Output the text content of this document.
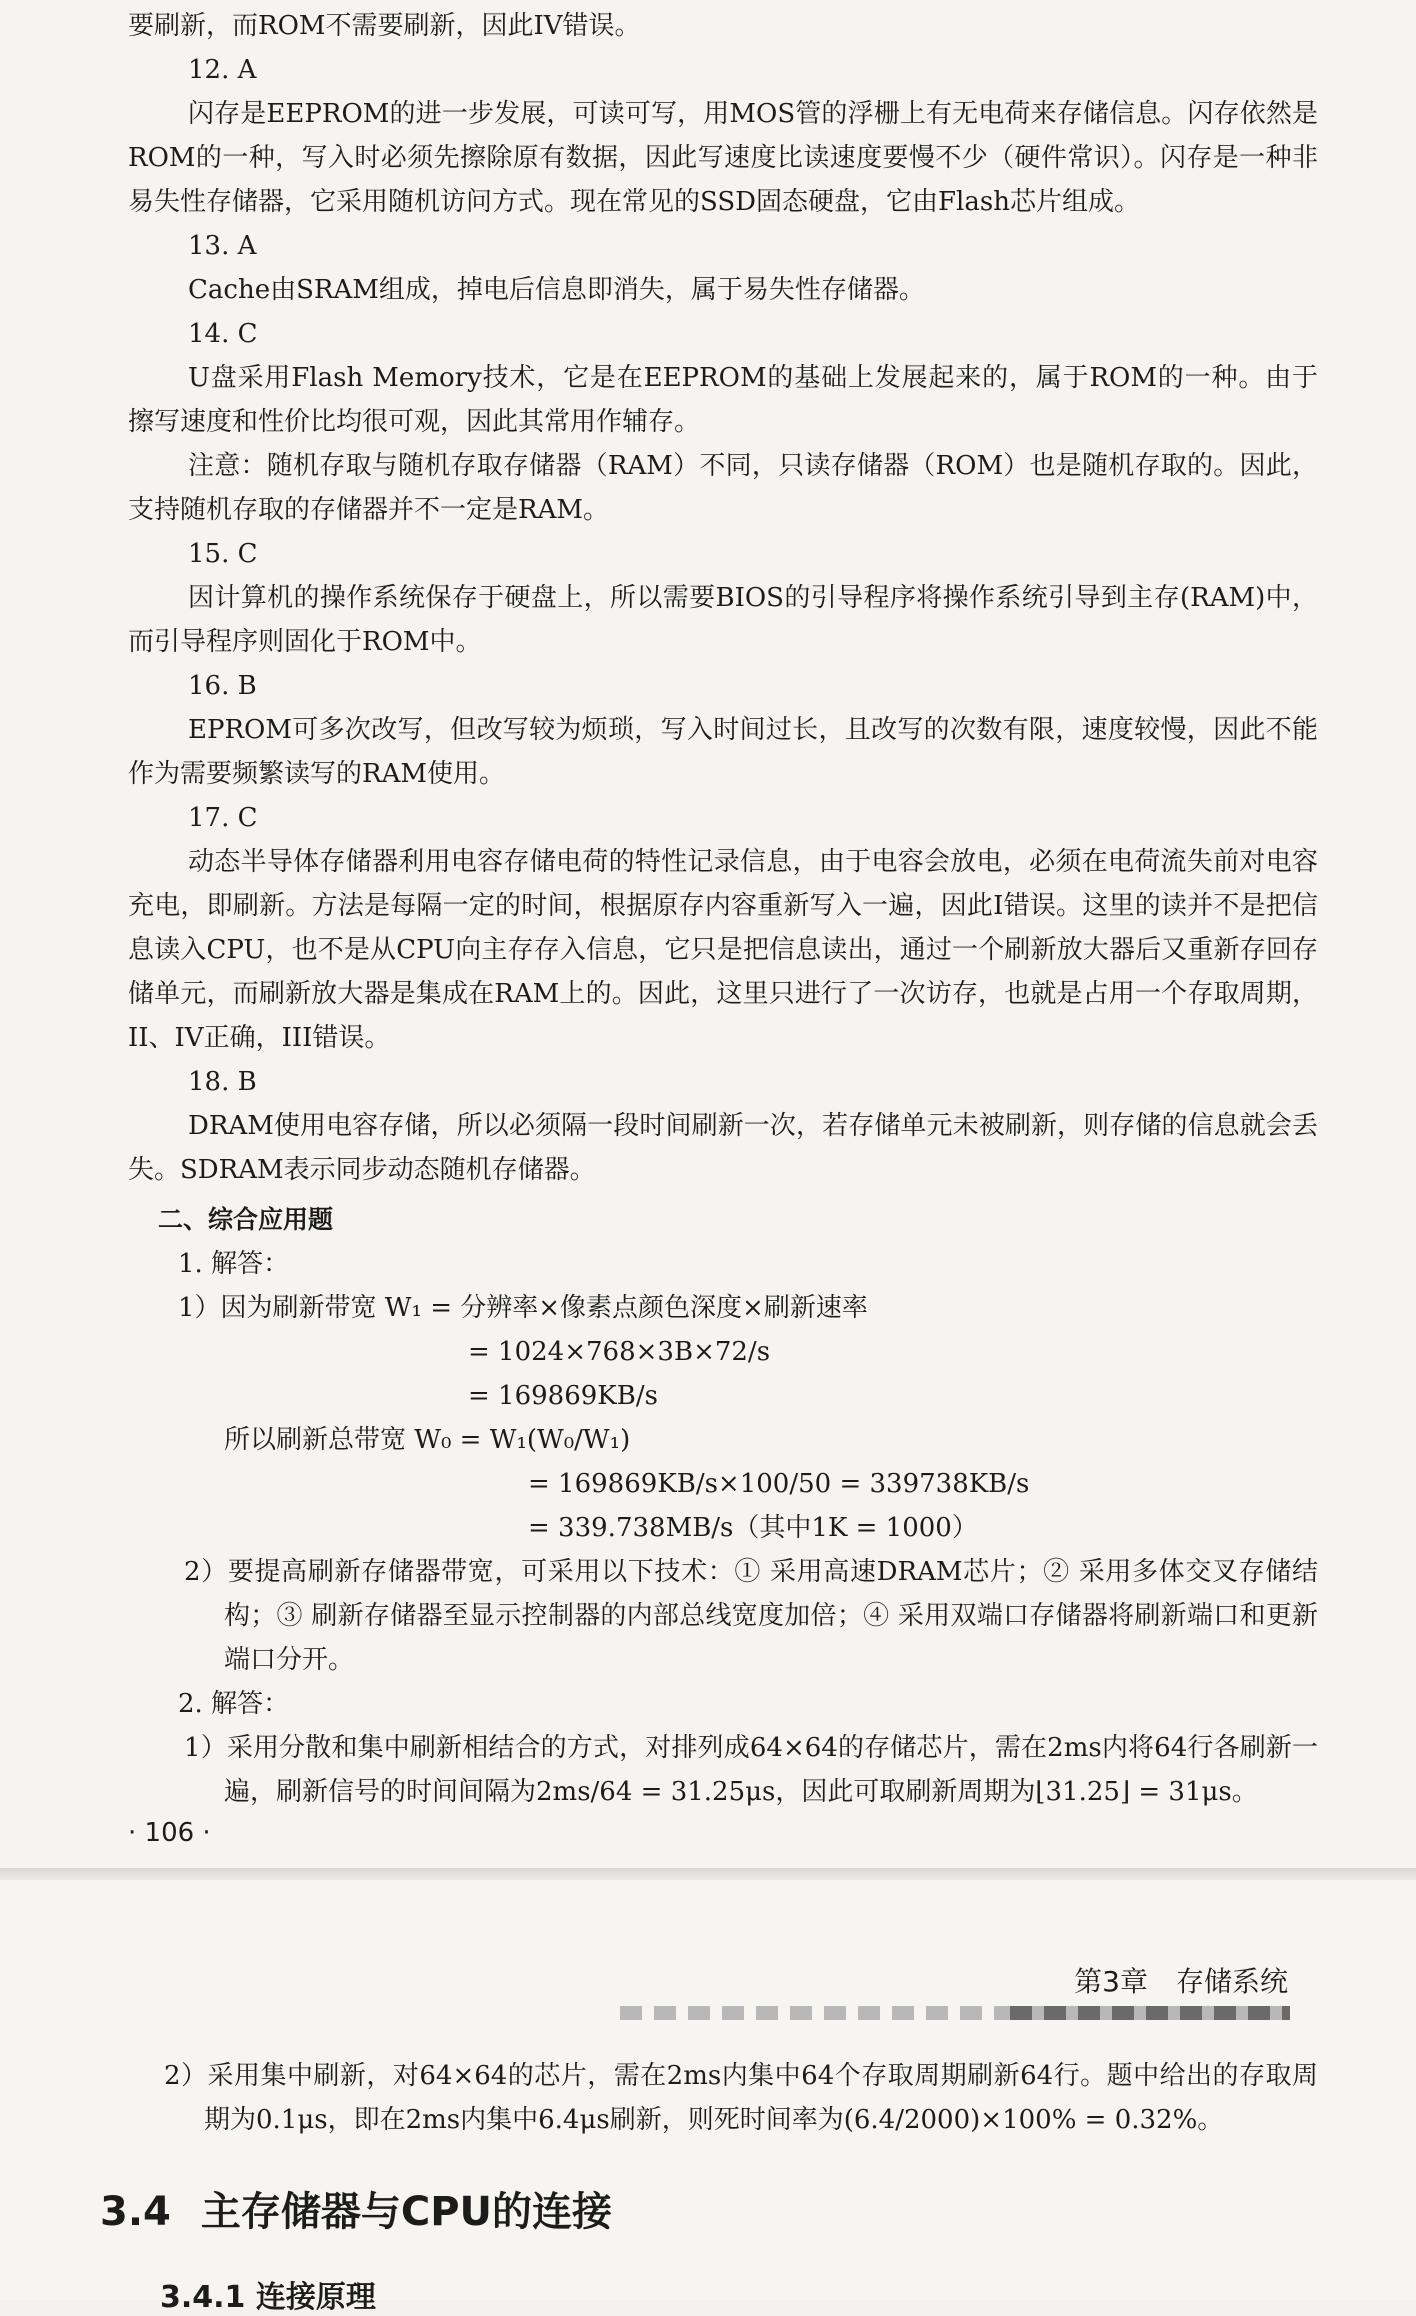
要刷新，而ROM不需要刷新，因此IV错误。

12. A

闪存是EEPROM的进一步发展，可读可写，用MOS管的浮栅上有无电荷来存储信息。闪存依然是ROM的一种，写入时必须先擦除原有数据，因此写速度比读速度要慢不少（硬件常识）。闪存是一种非易失性存储器，它采用随机访问方式。现在常见的SSD固态硬盘，它由Flash芯片组成。

13. A

Cache由SRAM组成，掉电后信息即消失，属于易失性存储器。

14. C

U盘采用Flash Memory技术，它是在EEPROM的基础上发展起来的，属于ROM的一种。由于擦写速度和性价比均很可观，因此其常用作辅存。

注意：随机存取与随机存取存储器（RAM）不同，只读存储器（ROM）也是随机存取的。因此，支持随机存取的存储器并不一定是RAM。

15. C

因计算机的操作系统保存于硬盘上，所以需要BIOS的引导程序将操作系统引导到主存(RAM)中，而引导程序则固化于ROM中。

16. B

EPROM可多次改写，但改写较为烦琐，写入时间过长，且改写的次数有限，速度较慢，因此不能作为需要频繁读写的RAM使用。

17. C

动态半导体存储器利用电容存储电荷的特性记录信息，由于电容会放电，必须在电荷流失前对电容充电，即刷新。方法是每隔一定的时间，根据原存内容重新写入一遍，因此I错误。这里的读并不是把信息读入CPU，也不是从CPU向主存存入信息，它只是把信息读出，通过一个刷新放大器后又重新存回存储单元，而刷新放大器是集成在RAM上的。因此，这里只进行了一次访存，也就是占用一个存取周期，II、IV正确，III错误。

18. B

DRAM使用电容存储，所以必须隔一段时间刷新一次，若存储单元未被刷新，则存储的信息就会丢失。SDRAM表示同步动态随机存储器。

二、综合应用题

1. 解答：

1）因为刷新带宽 W₁ = 分辨率×像素点颜色深度×刷新速率

= 1024×768×3B×72/s

= 169869KB/s

所以刷新总带宽 W₀ = W₁(W₀/W₁)

= 169869KB/s×100/50 = 339738KB/s

= 339.738MB/s（其中1K = 1000）

2）要提高刷新存储器带宽，可采用以下技术：① 采用高速DRAM芯片；② 采用多体交叉存储结构；③ 刷新存储器至显示控制器的内部总线宽度加倍；④ 采用双端口存储器将刷新端口和更新端口分开。

2. 解答：

1）采用分散和集中刷新相结合的方式，对排列成64×64的存储芯片，需在2ms内将64行各刷新一遍，刷新信号的时间间隔为2ms/64 = 31.25μs，因此可取刷新周期为⌊31.25⌋ = 31μs。

· 106 ·
第3章 存储系统

2）采用集中刷新，对64×64的芯片，需在2ms内集中64个存取周期刷新64行。题中给出的存取周期为0.1μs，即在2ms内集中6.4μs刷新，则死时间率为(6.4/2000)×100% = 0.32%。

3.4 主存储器与CPU的连接
3.4.1 连接原理
